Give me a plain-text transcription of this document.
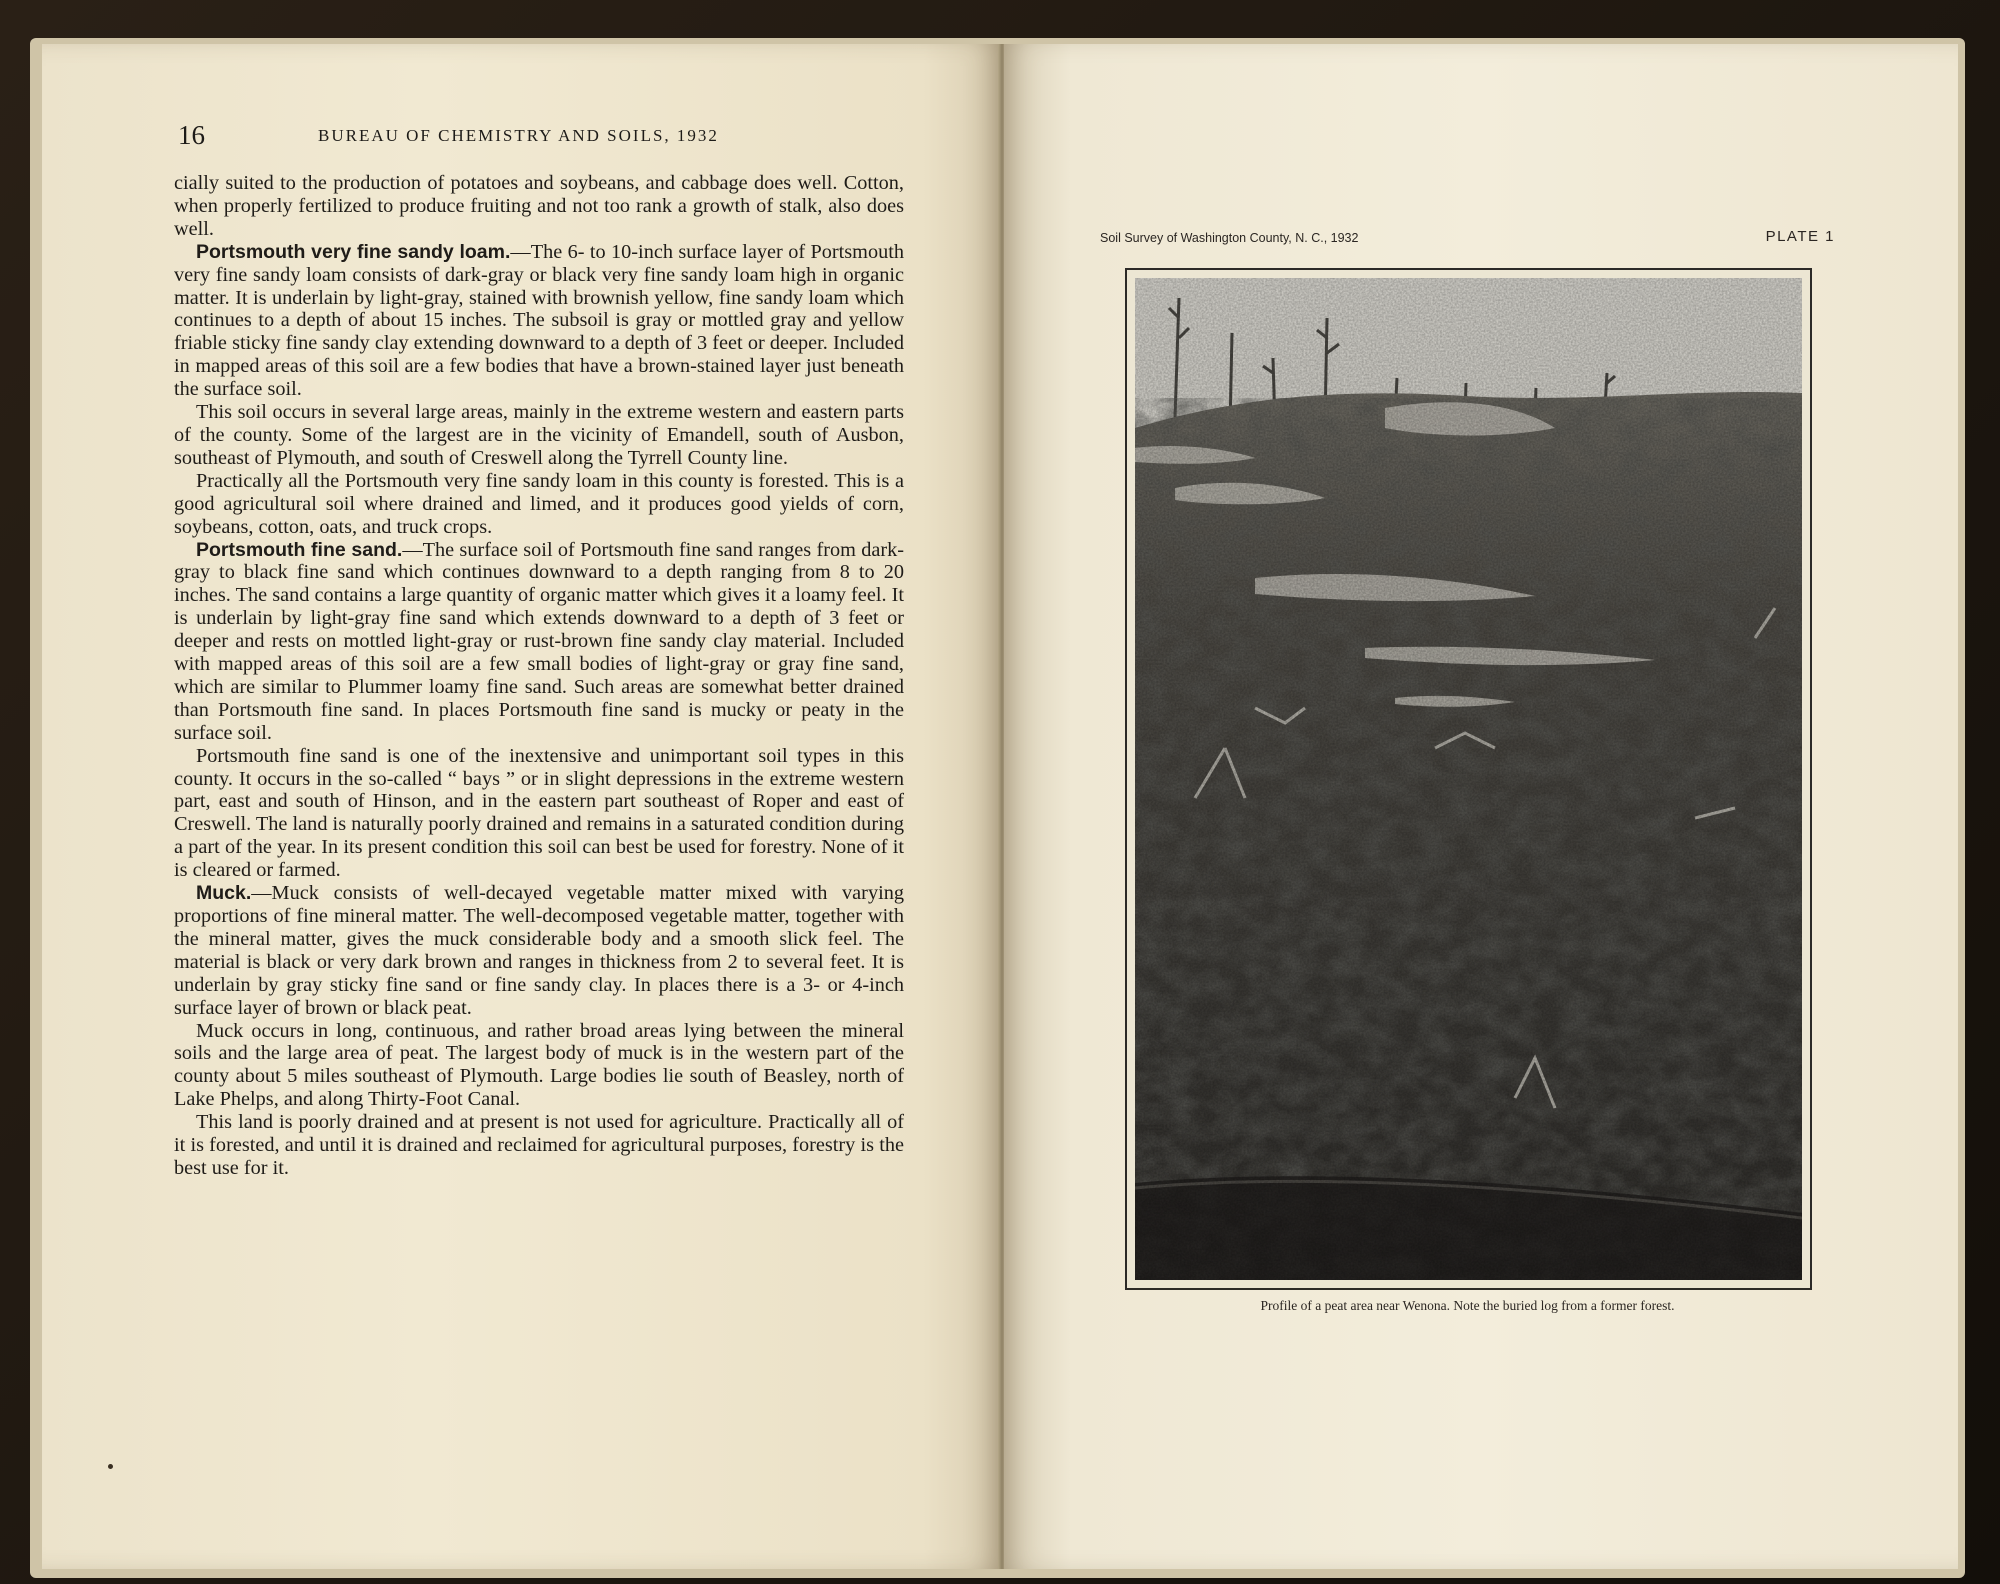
16	BUREAU OF CHEMISTRY AND SOILS, 1932

cially suited to the production of potatoes and soybeans, and cabbage does well. Cotton, when properly fertilized to produce fruiting and not too rank a growth of stalk, also does well.

Portsmouth very fine sandy loam.—The 6- to 10-inch surface layer of Portsmouth very fine sandy loam consists of dark-gray or black very fine sandy loam high in organic matter. It is underlain by light-gray, stained with brownish yellow, fine sandy loam which continues to a depth of about 15 inches. The subsoil is gray or mottled gray and yellow friable sticky fine sandy clay extending downward to a depth of 3 feet or deeper. Included in mapped areas of this soil are a few bodies that have a brown-stained layer just beneath the surface soil.

This soil occurs in several large areas, mainly in the extreme western and eastern parts of the county. Some of the largest are in the vicinity of Emandell, south of Ausbon, southeast of Plymouth, and south of Creswell along the Tyrrell County line.

Practically all the Portsmouth very fine sandy loam in this county is forested. This is a good agricultural soil where drained and limed, and it produces good yields of corn, soybeans, cotton, oats, and truck crops.

Portsmouth fine sand.—The surface soil of Portsmouth fine sand ranges from dark-gray to black fine sand which continues downward to a depth ranging from 8 to 20 inches. The sand contains a large quantity of organic matter which gives it a loamy feel. It is underlain by light-gray fine sand which extends downward to a depth of 3 feet or deeper and rests on mottled light-gray or rust-brown fine sandy clay material. Included with mapped areas of this soil are a few small bodies of light-gray or gray fine sand, which are similar to Plummer loamy fine sand. Such areas are somewhat better drained than Portsmouth fine sand. In places Portsmouth fine sand is mucky or peaty in the surface soil.

Portsmouth fine sand is one of the inextensive and unimportant soil types in this county. It occurs in the so-called “ bays ” or in slight depressions in the extreme western part, east and south of Hinson, and in the eastern part southeast of Roper and east of Creswell. The land is naturally poorly drained and remains in a saturated condition during a part of the year. In its present condition this soil can best be used for forestry. None of it is cleared or farmed.

Muck.—Muck consists of well-decayed vegetable matter mixed with varying proportions of fine mineral matter. The well-decomposed vegetable matter, together with the mineral matter, gives the muck considerable body and a smooth slick feel. The material is black or very dark brown and ranges in thickness from 2 to several feet. It is underlain by gray sticky fine sand or fine sandy clay. In places there is a 3- or 4-inch surface layer of brown or black peat.

Muck occurs in long, continuous, and rather broad areas lying between the mineral soils and the large area of peat. The largest body of muck is in the western part of the county about 5 miles southeast of Plymouth. Large bodies lie south of Beasley, north of Lake Phelps, and along Thirty-Foot Canal.

This land is poorly drained and at present is not used for agriculture. Practically all of it is forested, and until it is drained and reclaimed for agricultural purposes, forestry is the best use for it.

Soil Survey of Washington County, N. C., 1932	PLATE 1
Profile of a peat area near Wenona. Note the buried log from a former forest.
